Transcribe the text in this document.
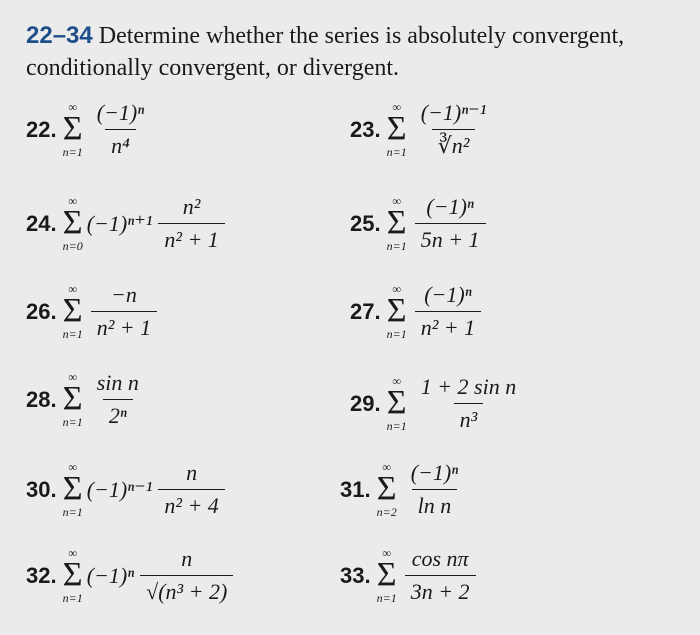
22–34 Determine whether the series is absolutely convergent, conditionally convergent, or divergent.
22.
∞
Σ
$n=1 \frac{\text{(−1)ⁿ}}{\text{n⁴}}$	23.
∞
Σ
$n=1 \frac{\text{(−1)ⁿ⁻¹}}{\text{∛n²}}$
24.
∞
Σ
n=0
$(-1)^{n+1} \frac{\text{n²}}{\text{n² + 1}}$	25.
∞
Σ
$n=1 \frac{\text{(−1)ⁿ}}{5n + 1}$
26.
∞
Σ
$n=1 \frac{-n}{\text{n² + 1}}$	27.
∞
Σ
$n=1 \frac{\text{(−1)ⁿ}}{\text{n² + 1}}$
28.
∞
Σ
$n=1 \frac{\text{sin n}}{\text{2ⁿ}}$	29.
∞
Σ
$n=1 \frac{\text{1 + 2 sin n}}{\text{n³}}$
30.
∞
Σ
n=1
$(-1)^{n-1} \frac{n}{\text{n² + 4}}$	31.
∞
Σ
$n=2 \frac{\text{(−1)ⁿ}}{\text{ln n}}$
32.
∞
Σ
n=1
$(-1)^n \frac{n}{\text{√(n³ + 2)}}$	33.
∞
Σ
$n=1 \frac{\text{cos nπ}}{3n + 2}$
